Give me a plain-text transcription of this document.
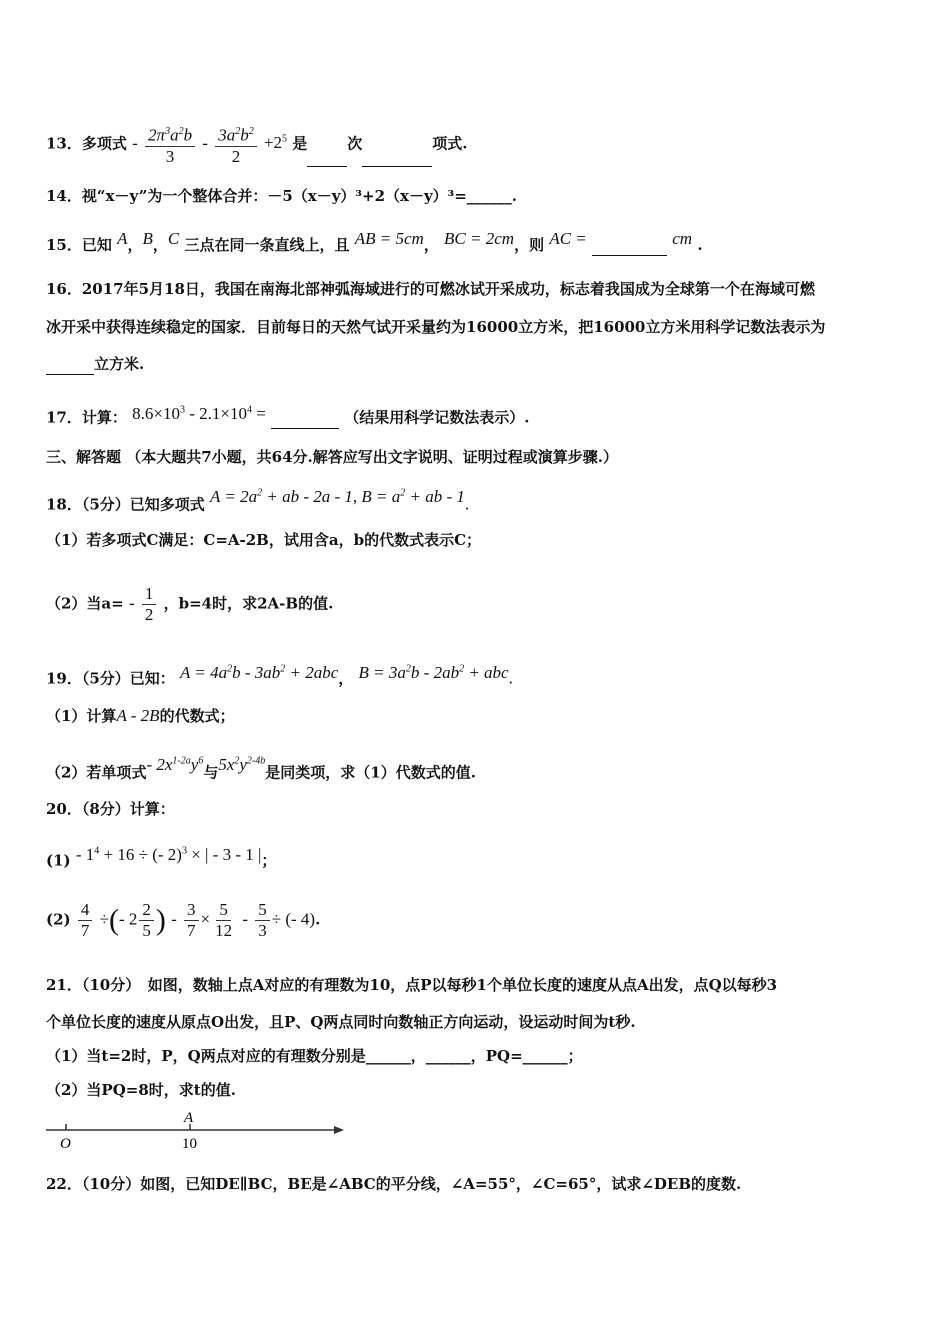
13．多项式 - $\frac{2\pi^3a^2b}{3} - \frac{3a^2b^2}{2} +2^5$ 是	次	项式.
14．视“x－y”为一个整体合并：－5（x－y）³+2（x－y）³=______.
15．已知 A，B，C 三点在同一条直线上，且 AB = 5cm， BC = 2cm，则 AC =	cm .
16．2017年5月18日，我国在南海北部神弧海域进行的可燃冰试开采成功，标志着我国成为全球第一个在海域可燃
冰开采中获得连续稳定的国家．目前每日的天然气试开采量约为16000立方米，把16000立方米用科学记数法表示为
立方米.
17．计算： $8.6\times 10^3 - 2.1\times 10^4$ =	（结果用科学记数法表示）.
三、解答题 （本大题共7小题，共64分.解答应写出文字说明、证明过程或演算步骤.）
18．（5分）已知多项式 $A = 2a^2$ + ab - 2a - 1, $B = a^2$ + ab - 1.
（1）若多项式C满足：C=A-2B，试用含a，b的代数式表示C；
（2）当$a= - \frac{1}{2}$ ，b=4时，求2A-B的值.
19．（5分）已知： $A = 4a^2b - 3ab^2 + 2abc$， $B = 3a^2b - 2ab^2$ + abc.
（1）计算A - 2B的代数式；
（2）若单项式- $2x^{1-2a}y^6$与$5x^2y^{2-4b}$是同类项，求（1）代数式的值.
20．（8分）计算：
$(1) - 1^4 + 16$ ÷ (- 2)$^3$ × | - 3 - 1 |；
$(2) \frac{4}{7}$ ÷(- $2 \frac{2}{5}$ ) - $\frac{3}{7} \times \frac{5}{12} - \frac{5}{3}$ ÷ (- 4).
21．（10分）　如图，数轴上点A对应的有理数为10，点P以每秒1个单位长度的速度从点A出发，点Q以每秒3
个单位长度的速度从原点O出发，且P、Q两点同时向数轴正方向运动，设运动时间为t秒.
（1）当t=2时，P，Q两点对应的有理数分别是______，______，PQ=______；
（2）当PQ=8时，求t的值.
O
A
10
22．（10分）如图，已知DE∥BC，BE是∠ABC的平分线，∠A=55°，∠C=65°，试求∠DEB的度数.
